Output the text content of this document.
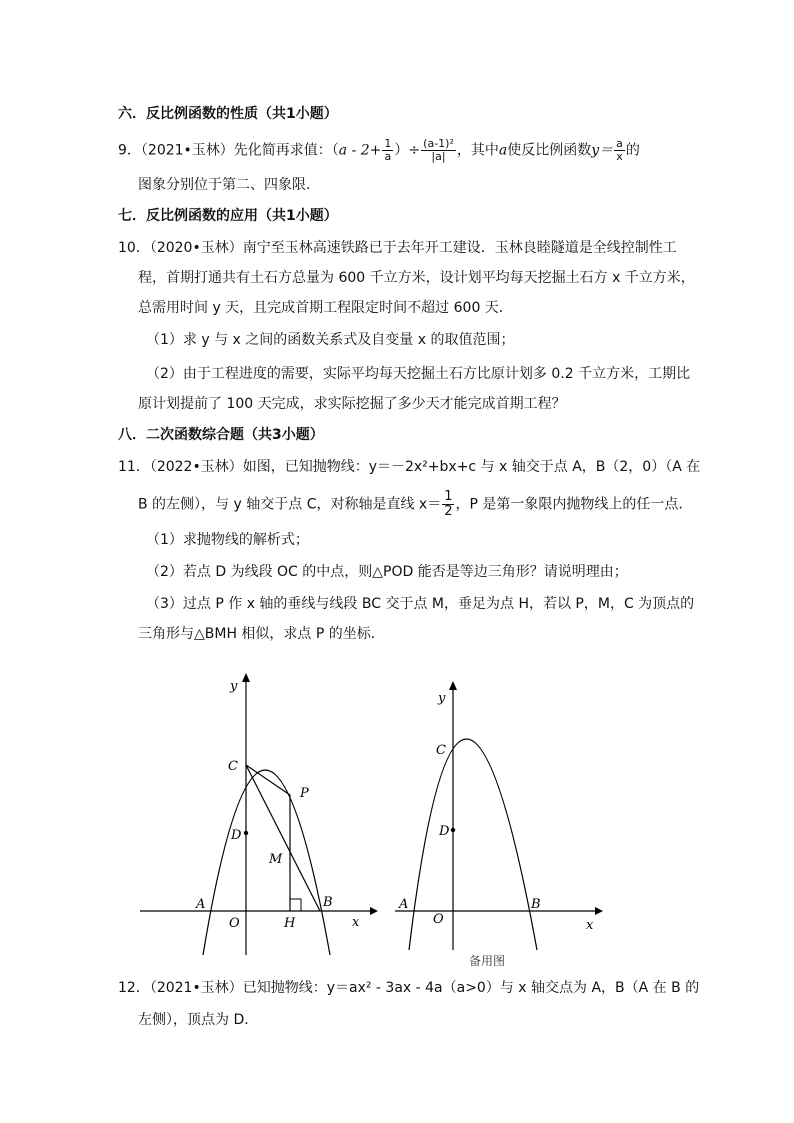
六．反比例函数的性质（共1小题）
9．（2021•玉林）先化简再求值：（$a - 2+ \frac{1}{a}$ ）÷ $\frac{\text{(a-1)²}}{|a|}$ ，其中a使反比例函数$y= \frac{a}{x}$ 的
图象分别位于第二、四象限．
七．反比例函数的应用（共1小题）
10．（2020•玉林）南宁至玉林高速铁路已于去年开工建设．玉林良睦隧道是全线控制性工
程，首期打通共有土石方总量为 600 千立方米，设计划平均每天挖掘土石方 x 千立方米，
总需用时间 y 天，且完成首期工程限定时间不超过 600 天．
（1）求 y 与 x 之间的函数关系式及自变量 x 的取值范围；
（2）由于工程进度的需要，实际平均每天挖掘土石方比原计划多 0.2 千立方米，工期比
原计划提前了 100 天完成，求实际挖掘了多少天才能完成首期工程？
八．二次函数综合题（共3小题）
11．（2022•玉林）如图，已知抛物线：y＝－2x²+bx+c 与 x 轴交于点 A，B（2，0）（A 在
B 的左侧），与 y 轴交于点 C，对称轴是直线 $x= \frac{1}{2}$ ，P 是第一象限内抛物线上的任一点．
（1）求抛物线的解析式；
（2）若点 D 为线段 OC 的中点，则△POD 能否是等边三角形？请说明理由；
（3）过点 P 作 x 轴的垂线与线段 BC 交于点 M，垂足为点 H，若以 P，M，C 为顶点的
三角形与△BMH 相似，求点 P 的坐标．
y
x
O
A	B
C
D
P
M
H
y
x
O
A	B
C
D
备用图
12．（2021•玉林）已知抛物线：y＝ax² - 3ax - 4a（a>0）与 x 轴交点为 A，B（A 在 B 的
左侧），顶点为 D．
